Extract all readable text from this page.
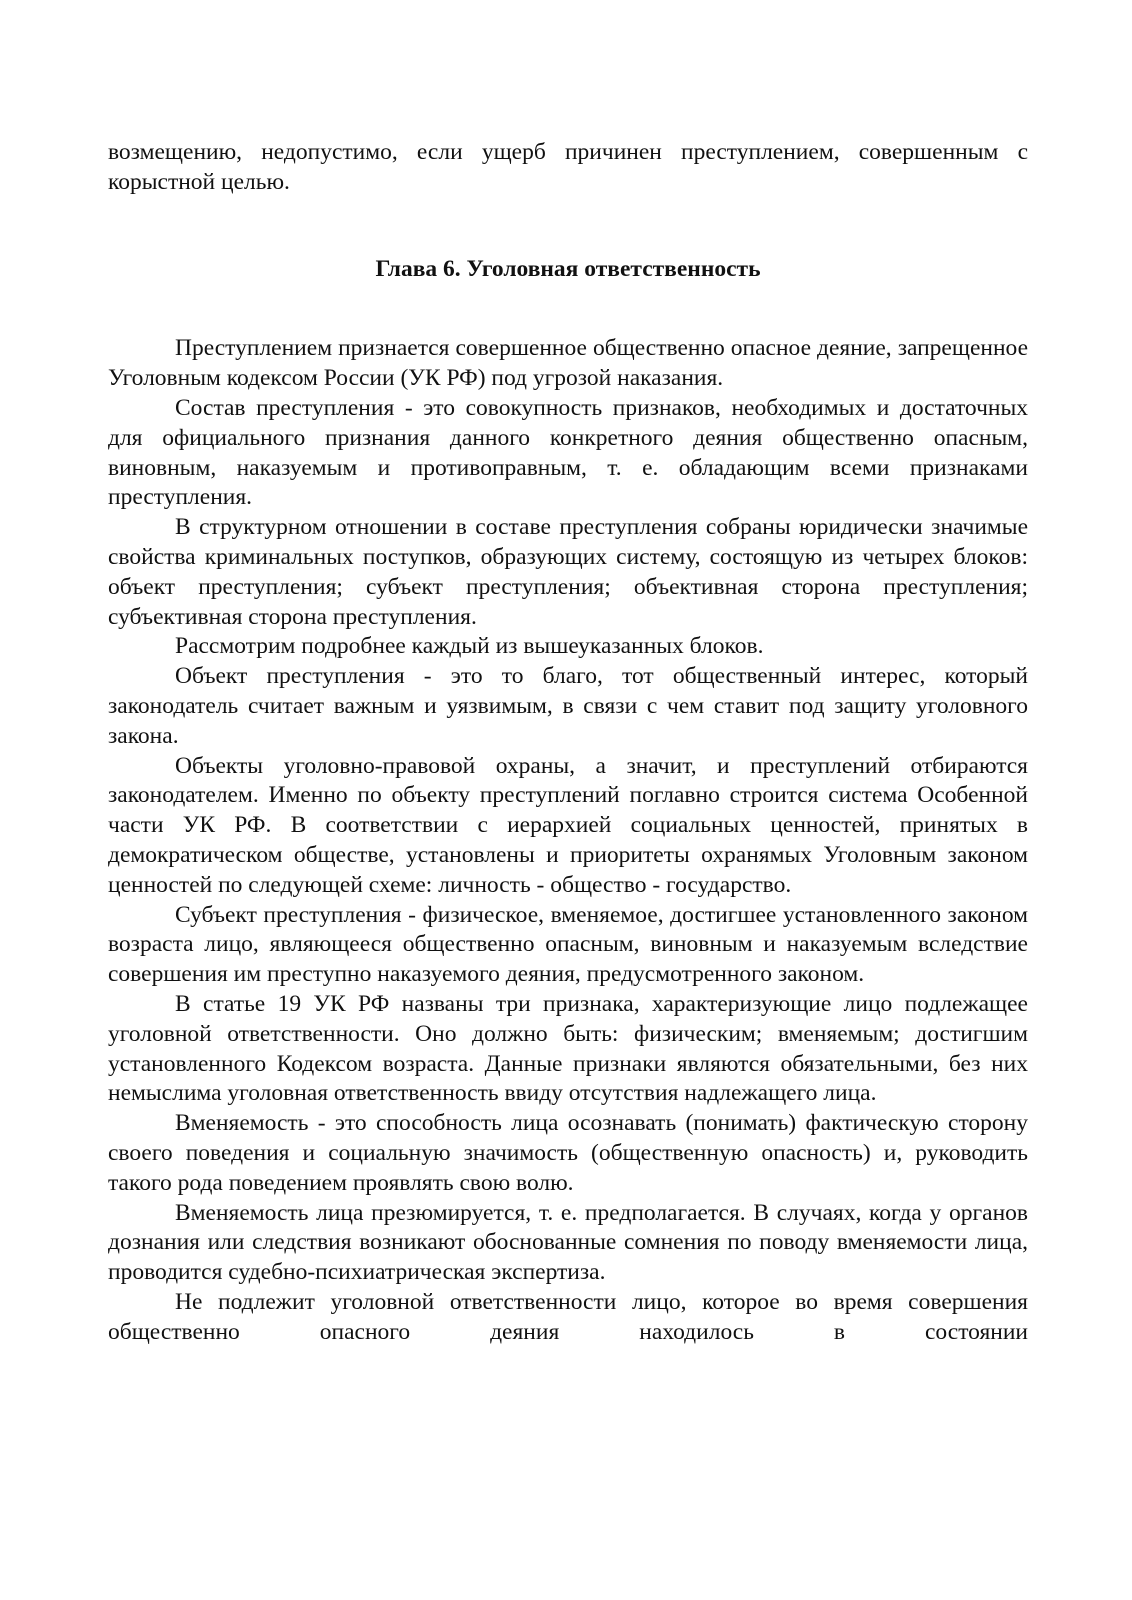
возмещению, недопустимо, если ущерб причинен преступлением, совершенным с корыстной целью.

Глава 6. Уголовная ответственность

Преступлением признается совершенное общественно опасное деяние, запрещенное Уголовным кодексом России (УК РФ) под угрозой наказания.

Состав преступления - это совокупность признаков, необходимых и достаточных для официального признания данного конкретного деяния общественно опасным, виновным, наказуемым и противоправным, т. е. обладающим всеми признаками преступления.

В структурном отношении в составе преступления собраны юридически значимые свойства криминальных поступков, образующих систему, состоящую из четырех блоков: объект преступления; субъект преступления; объективная сторона преступления; субъективная сторона преступления.

Рассмотрим подробнее каждый из вышеуказанных блоков.

Объект преступления - это то благо, тот общественный интерес, который законодатель считает важным и уязвимым, в связи с чем ставит под защиту уголовного закона.

Объекты уголовно-правовой охраны, а значит, и преступлений отбираются законодателем. Именно по объекту преступлений поглавно строится система Особенной части УК РФ. В соответствии с иерархией социальных ценностей, принятых в демократическом обществе, установлены и приоритеты охранямых Уголовным законом ценностей по следующей схеме: личность - общество - государство.

Субъект преступления - физическое, вменяемое, достигшее установленного законом возраста лицо, являющееся общественно опасным, виновным и наказуемым вследствие совершения им преступно наказуемого деяния, предусмотренного законом.

В статье 19 УК РФ названы три признака, характеризующие лицо подлежащее уголовной ответственности. Оно должно быть: физическим; вменяемым; достигшим установленного Кодексом возраста. Данные признаки являются обязательными, без них немыслима уголовная ответственность ввиду отсутствия надлежащего лица.

Вменяемость - это способность лица осознавать (понимать) фактическую сторону своего поведения и социальную значимость (общественную опасность) и, руководить такого рода поведением проявлять свою волю.

Вменяемость лица презюмируется, т. е. предполагается. В случаях, когда у органов дознания или следствия возникают обоснованные сомнения по поводу вменяемости лица, проводится судебно-психиатрическая экспертиза.

Не подлежит уголовной ответственности лицо, которое во время совершения общественно опасного деяния находилось в состоянии
